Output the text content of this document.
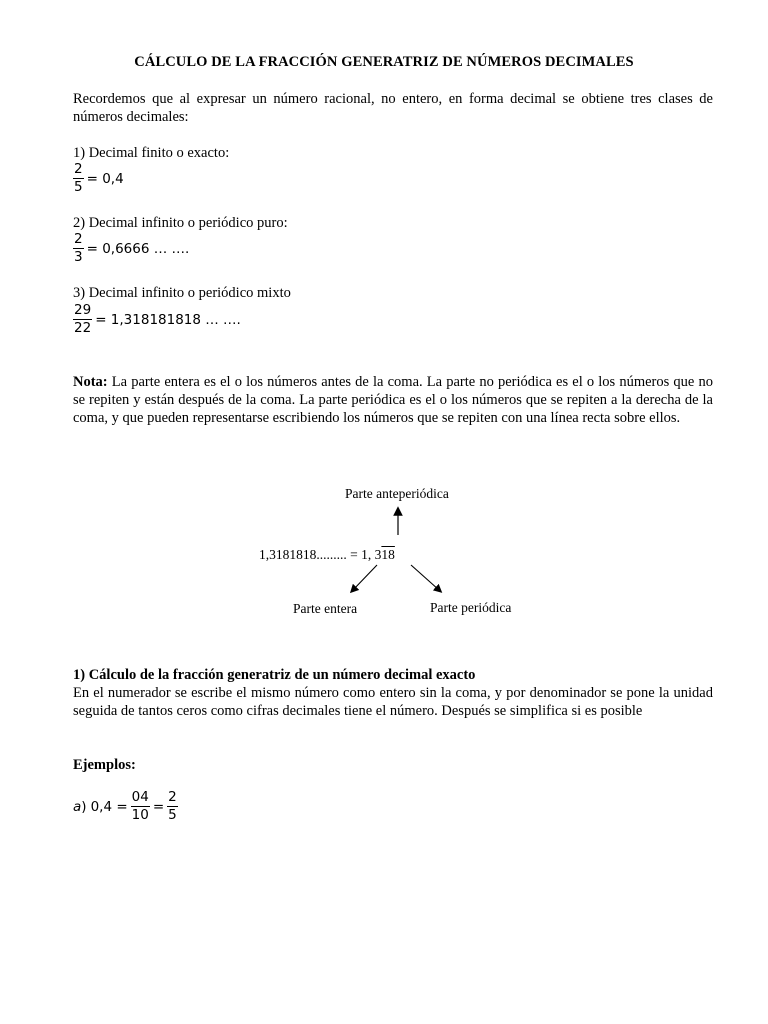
CÁLCULO DE LA FRACCIÓN GENERATRIZ DE NÚMEROS DECIMALES
Recordemos que al expresar un número racional, no entero, en forma decimal se obtiene tres clases de números decimales:
1) Decimal finito o exacto:
$\frac{2}{5} = 0,4$
2) Decimal infinito o periódico puro:
$\frac{2}{3} = 0,6666$ … ….
3) Decimal infinito o periódico mixto
$\frac{29}{22} = 1,318181818$ … ….
Nota: La parte entera es el o los números antes de la coma. La parte no periódica es el o los números que no se repiten y están después de la coma. La parte periódica es el o los números que se repiten a la derecha de la coma, y que pueden representarse escribiendo los números que se repiten con una línea recta sobre ellos.
Parte anteperiódica
1,3181818......... = 1, 318
Parte entera	Parte periódica
1) Cálculo de la fracción generatriz de un número decimal exacto
En el numerador se escribe el mismo número como entero sin la coma, y por denominador se pone la unidad seguida de tantos ceros como cifras decimales tiene el número. Después se simplifica si es posible
Ejemplos:
a ) $0,4 = \frac{04}{10} = \frac{2}{5}$
